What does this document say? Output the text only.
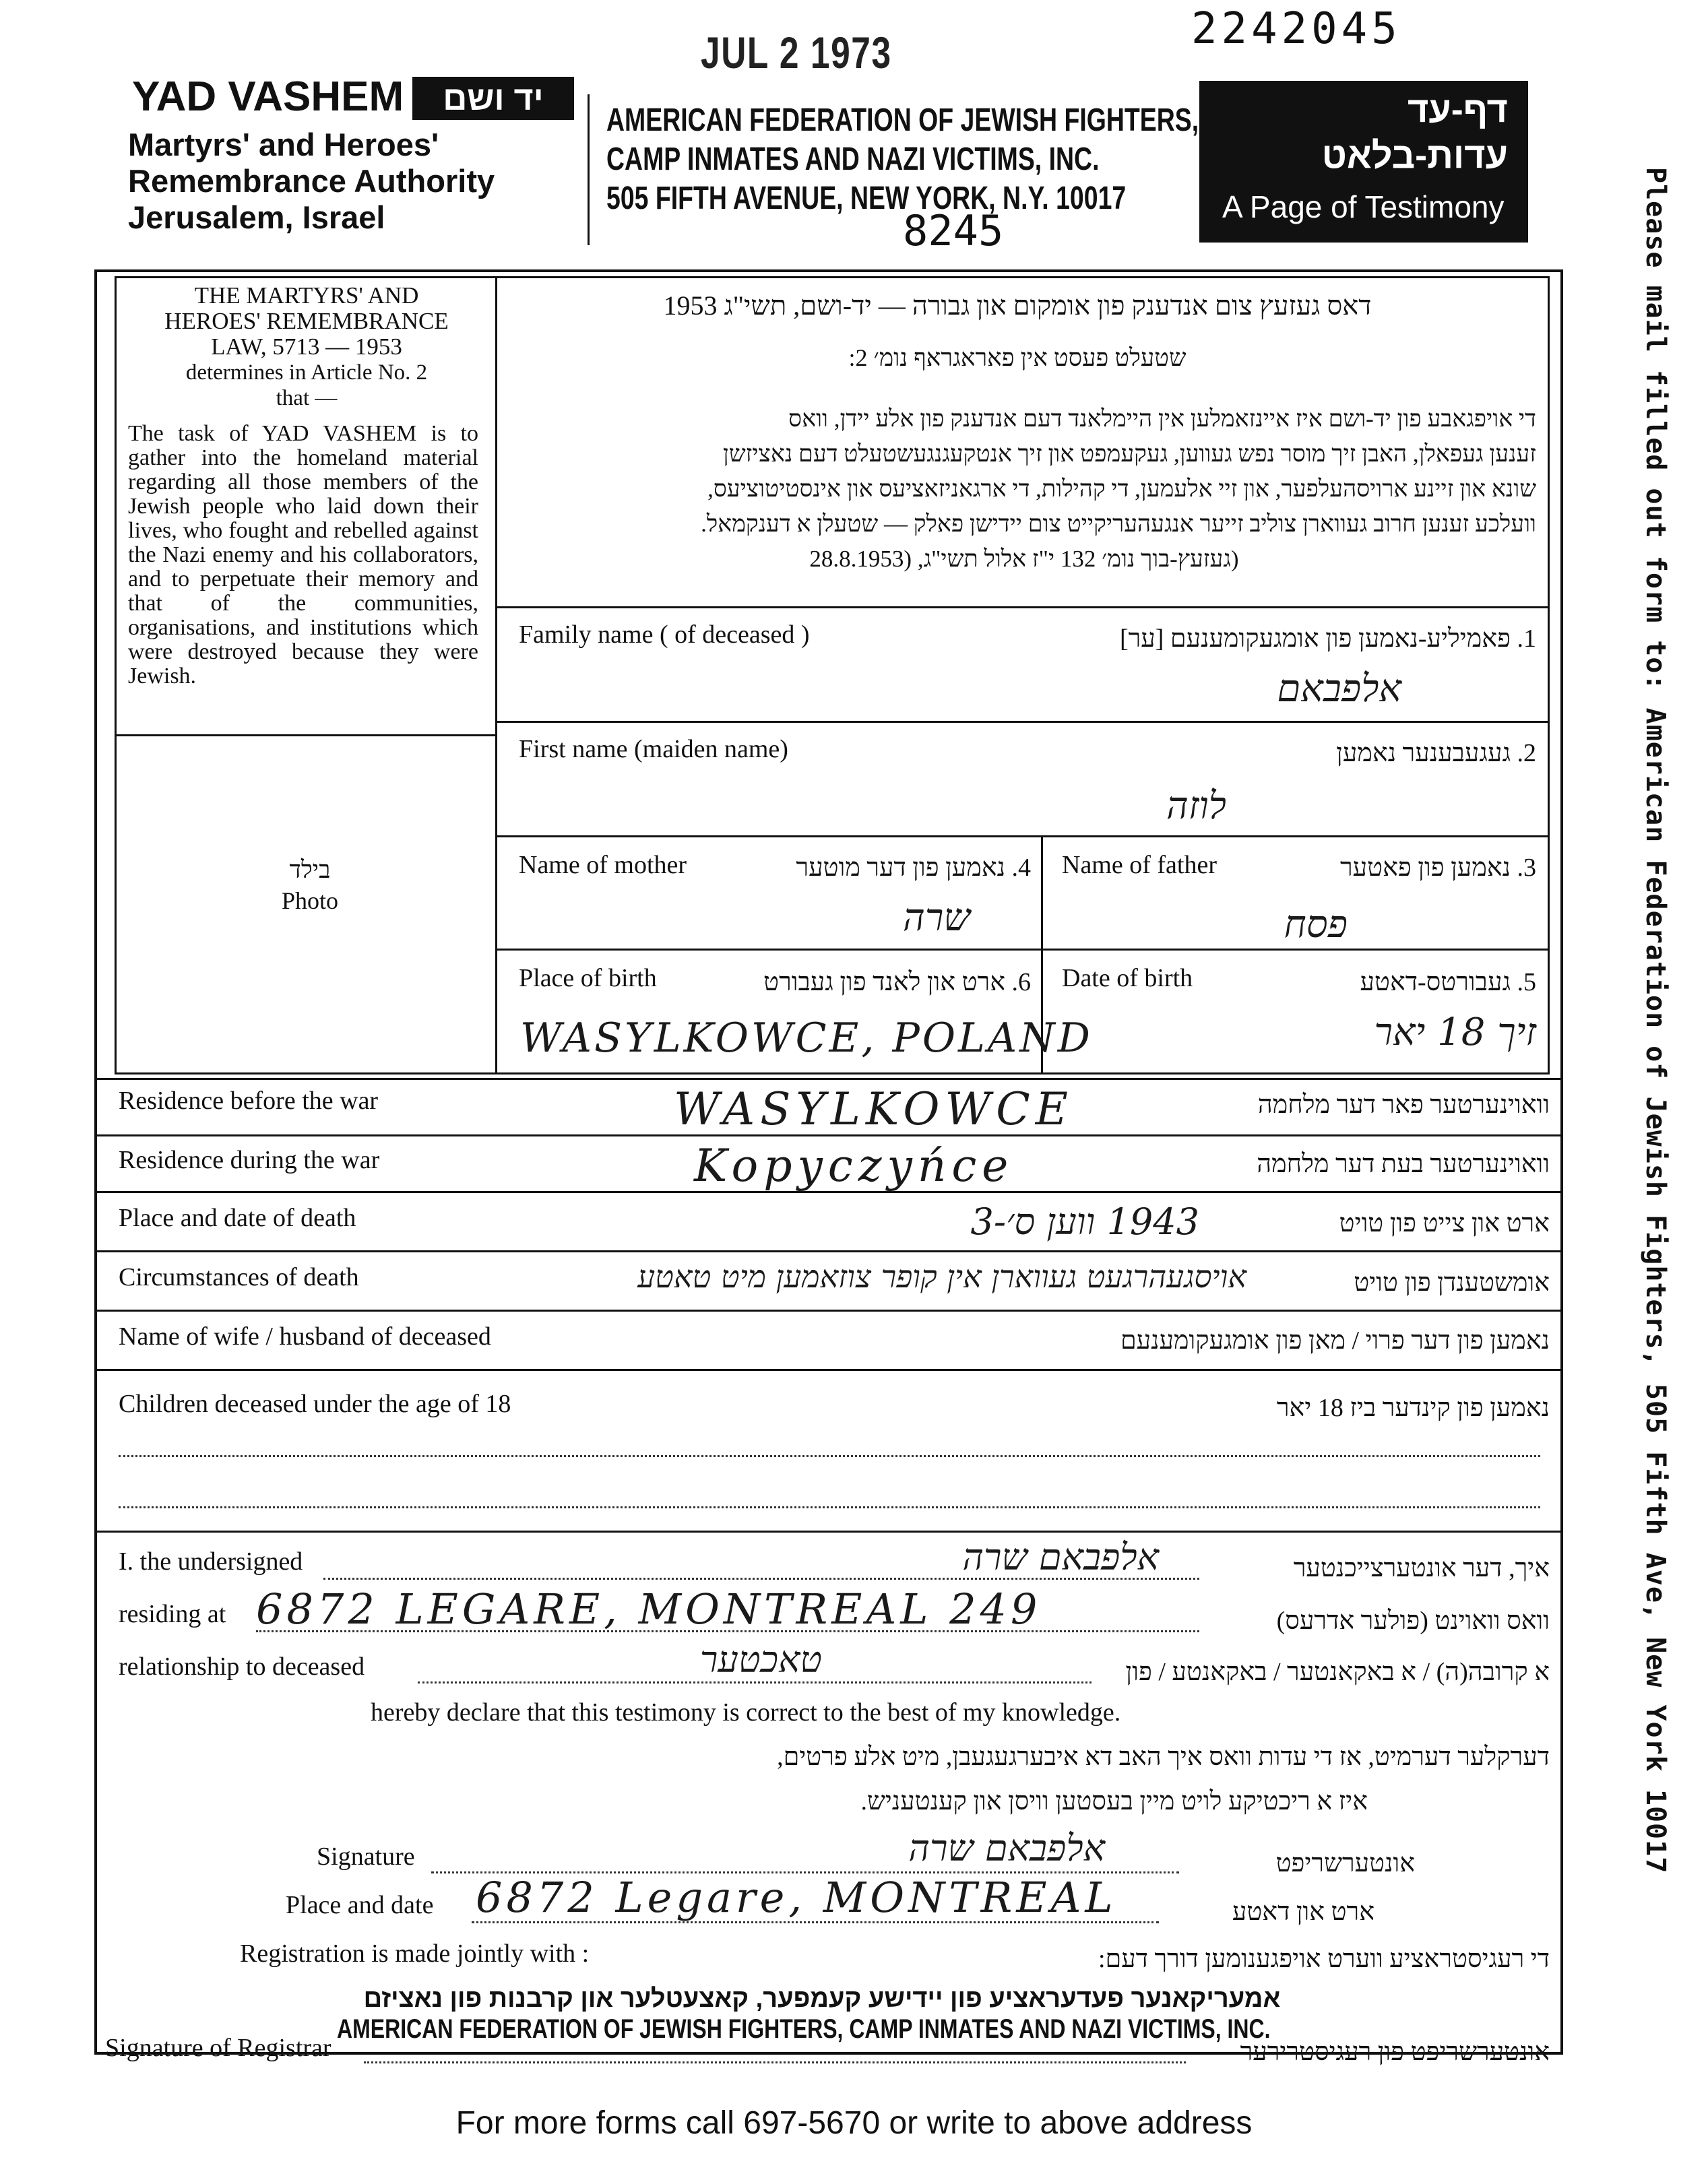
2242045
JUL 2 1973
YAD VASHEM	יד ושם
Martyrs' and Heroes'
Remembrance Authority
Jerusalem, Israel
AMERICAN FEDERATION OF JEWISH FIGHTERS,
CAMP INMATES AND NAZI VICTIMS, INC.
505 FIFTH AVENUE, NEW YORK, N.Y. 10017
8245
דף-עד
עדות-בלאט
A Page of Testimony	Please mail filled out form to: American Federation of Jewish Fighters, 505 Fifth Ave, New York 10017
THE MARTYRS' AND
HEROES' REMEMBRANCE
LAW, 5713 — 1953
determines in Article No. 2
that —
The task of YAD VASHEM is to gather into the homeland material regarding all those members of the Jewish people who laid down their lives, who fought and rebelled against the Nazi enemy and his collaborators, and to perpetuate their memory and that of the communities, organisations, and institutions which were destroyed because they were Jewish.
בילד
Photo
דאס געזעץ צום אנדענק פון אומקום און גבורה — יד-ושם, תשי"ג 1953
שטעלט פעסט אין פאראגראף נומ׳ 2:
די אויפגאבע פון יד-ושם איז איינזאמלען אין היימלאנד דעם אנדענק פון אלע יידן, וואס
זענען געפאלן, האבן זיך מוסר נפש געווען, געקעמפט און זיך אנטקעגנגעשטעלט דעם נאציזשן
שונא און זיינע ארויסהעלפער, און זיי אלעמען, די קהילות, די ארגאניזאציעס און אינסטיטוציעס,
וועלכע זענען חרוב געווארן צוליב זייער אנגעהעריקייט צום יידישן פאלק — שטעלן א דענקמאל.
(געזעץ-בוך נומ׳ 132 י"ז אלול תשי"ג, (28.8.1953
Family name ( of deceased )	1. פאמיליע-נאמען פון אומגעקומענעם [ער]
אלפבאם
First name (maiden name)	2. געגעבענער נאמען
לוזה
Name of mother	4. נאמען פון דער מוטער
שרה
Name of father	3. נאמען פון פאטער
פסח
Place of birth	6. ארט און לאנד פון געבורט
WASYLKOWCE, POLAND
Date of birth	5. געבורטס-דאטע
זיך 18 יאר
Residence before the war	וואוינערטער פאר דער מלחמה
WASYLKOWCE
Residence during the war	וואוינערטער בעת דער מלחמה
Kopyczyńce
Place and date of death	ארט און צייט פון טויט
1943 ווען ס׳-3
Circumstances of death	אומשטענדן פון טויט
אויסגעהרגעט געווארן אין קופר צוזאמען מיט טאטע
Name of wife / husband of deceased	נאמען פון דער פרוי / מאן פון אומגעקומענעם
Children deceased under the age of 18	נאמען פון קינדער ביז 18 יאר
I. the undersigned	אלפבאם שרה	איך, דער אונטערצייכנטער
residing at 6872 LEGARE, MONTREAL 249	וואס וואוינט (פולער אדרעס)
relationship to deceased	טאכטער	א קרובה(ה) / א באקאנטער / באקאנטע / פון
hereby declare that this testimony is correct to the best of my knowledge.
דערקלער דערמיט, אז די עדות וואס איך האב דא איבערגעגעבן, מיט אלע פרטים,
איז א ריכטיקע לויט מיין בעסטען וויסן און קענטעניש.
Signature	אלפבאם שרה	אונטערשריפט
Place and date 6872 Legare, MONTREAL	ארט און דאטע
Registration is made jointly with :	די רעגיסטראציע ווערט אויפגענומען דורך דעם:
אמעריקאנער פעדעראציע פון יידישע קעמפער, קאצעטלער און קרבנות פון נאציזם
AMERICAN FEDERATION OF JEWISH FIGHTERS, CAMP INMATES AND NAZI VICTIMS, INC.
Signature of Registrar	אונטערשריפט פון רעגיסטרירער
For more forms call 697-5670 or write to above address
